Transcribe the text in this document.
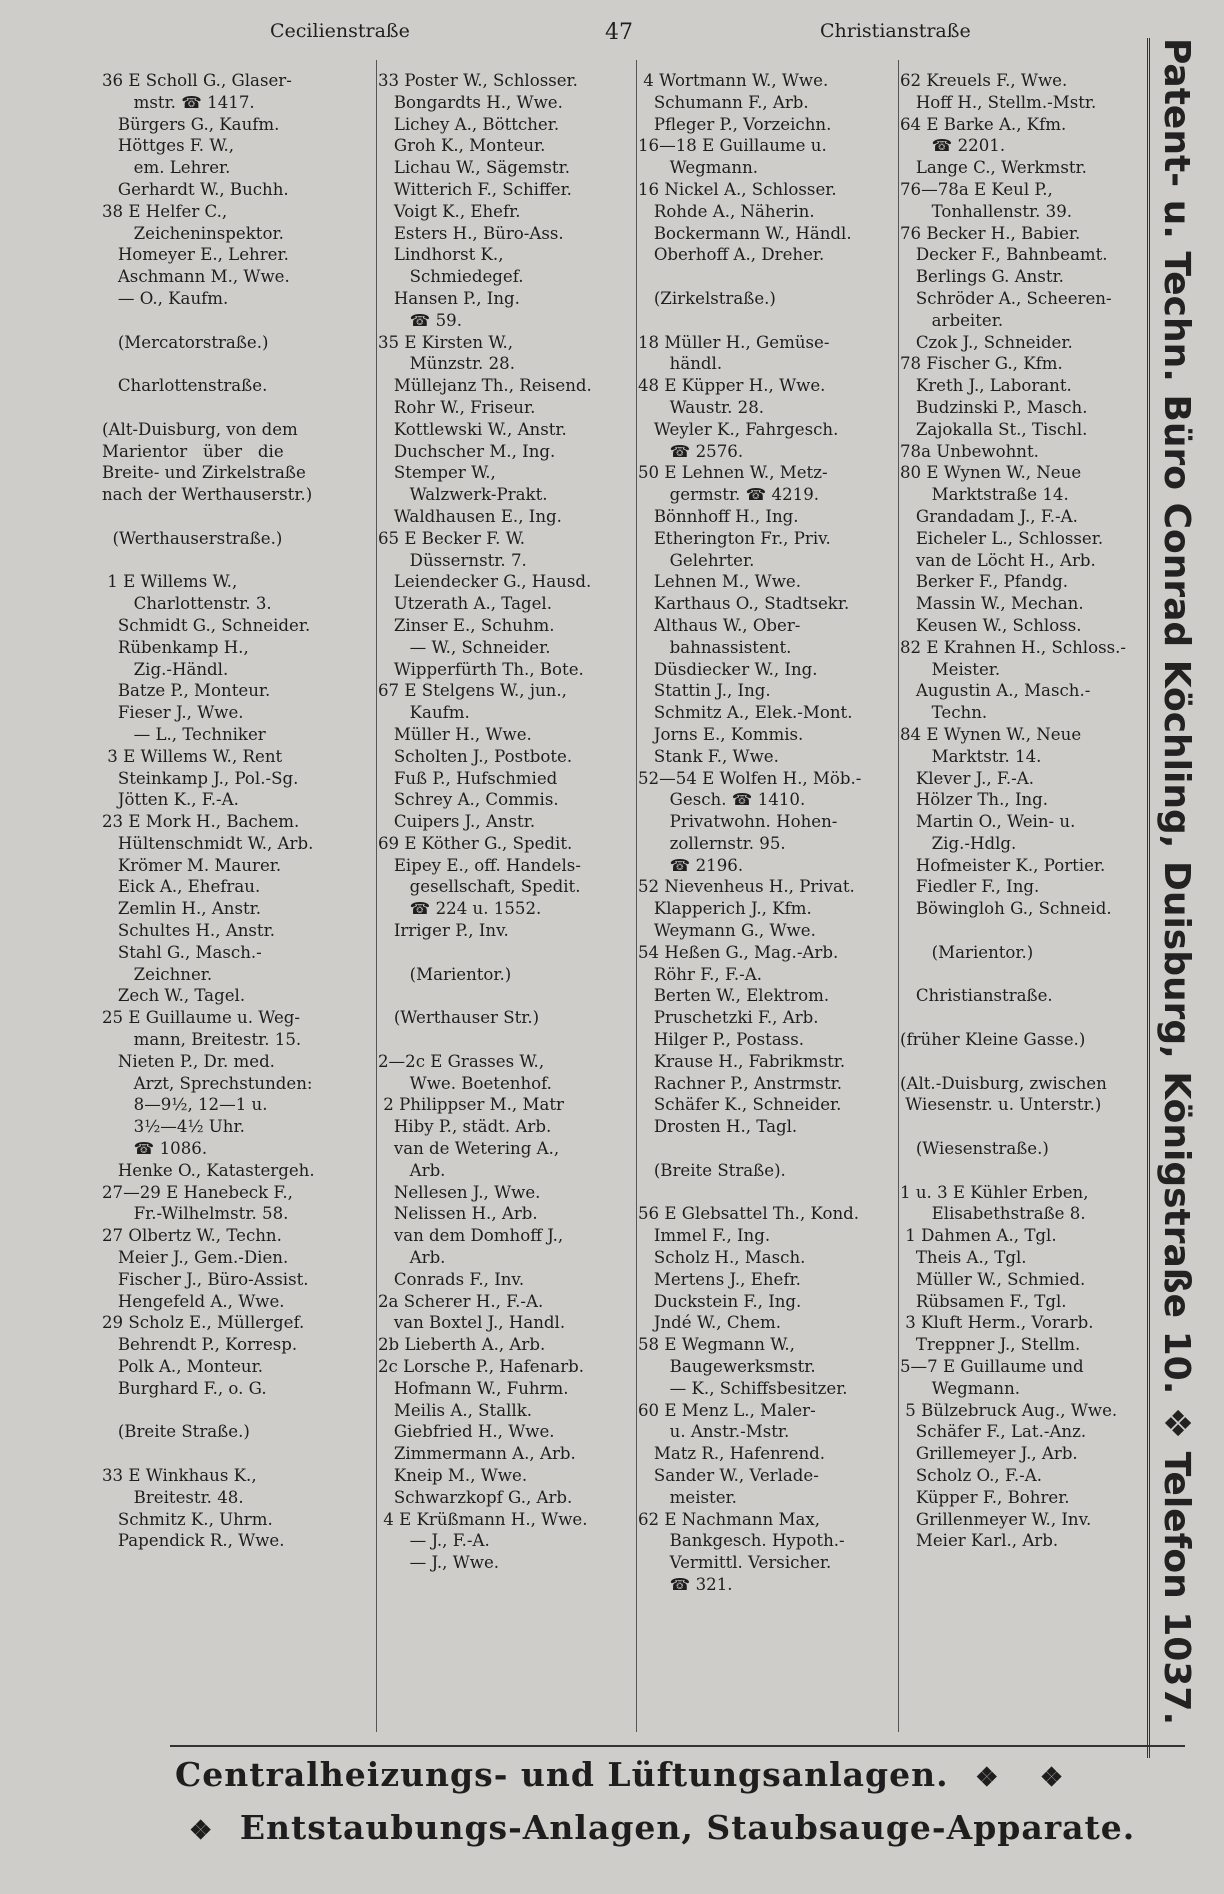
Cecilienstraße	47	Christianstraße
36 E Scholl G., Glaser-
mstr. ☎ 1417.
Bürgers G., Kaufm.
Höttges F. W.,
em. Lehrer.
Gerhardt W., Buchh.
38 E Helfer C.,
Zeicheninspektor.
Homeyer E., Lehrer.
Aschmann M., Wwe.
— O., Kaufm.
(Mercatorstraße.)
Charlottenstraße.
(Alt-Duisburg, von dem
Marientor   über   die
Breite- und Zirkelstraße
nach der Werthauserstr.)
(Werthauserstraße.)
1 E Willems W.,
Charlottenstr. 3.
Schmidt G., Schneider.
Rübenkamp H.,
Zig.-Händl.
Batze P., Monteur.
Fieser J., Wwe.
— L., Techniker
3 E Willems W., Rent
Steinkamp J., Pol.-Sg.
Jötten K., F.-A.
23 E Mork H., Bachem.
Hültenschmidt W., Arb.
Krömer M. Maurer.
Eick A., Ehefrau.
Zemlin H., Anstr.
Schultes H., Anstr.
Stahl G., Masch.-
Zeichner.
Zech W., Tagel.
25 E Guillaume u. Weg-
mann, Breitestr. 15.
Nieten P., Dr. med.
Arzt, Sprechstunden:
8—9½, 12—1 u.
3½—4½ Uhr.
☎ 1086.
Henke O., Katastergeh.
27—29 E Hanebeck F.,
Fr.-Wilhelmstr. 58.
27 Olbertz W., Techn.
Meier J., Gem.-Dien.
Fischer J., Büro-Assist.
Hengefeld A., Wwe.
29 Scholz E., Müllergef.
Behrendt P., Korresp.
Polk A., Monteur.
Burghard F., o. G.
(Breite Straße.)
33 E Winkhaus K.,
Breitestr. 48.
Schmitz K., Uhrm.
Papendick R., Wwe.
33 Poster W., Schlosser.
Bongardts H., Wwe.
Lichey A., Böttcher.
Groh K., Monteur.
Lichau W., Sägemstr.
Witterich F., Schiffer.
Voigt K., Ehefr.
Esters H., Büro-Ass.
Lindhorst K.,
Schmiedegef.
Hansen P., Ing.
☎ 59.
35 E Kirsten W.,
Münzstr. 28.
Müllejanz Th., Reisend.
Rohr W., Friseur.
Kottlewski W., Anstr.
Duchscher M., Ing.
Stemper W.,
Walzwerk-Prakt.
Waldhausen E., Ing.
65 E Becker F. W.
Düssernstr. 7.
Leiendecker G., Hausd.
Utzerath A., Tagel.
Zinser E., Schuhm.
— W., Schneider.
Wipperfürth Th., Bote.
67 E Stelgens W., jun.,
Kaufm.
Müller H., Wwe.
Scholten J., Postbote.
Fuß P., Hufschmied
Schrey A., Commis.
Cuipers J., Anstr.
69 E Köther G., Spedit.
Eipey E., off. Handels-
gesellschaft, Spedit.
☎ 224 u. 1552.
Irriger P., Inv.
(Marientor.)
(Werthauser Str.)
2—2c E Grasses W.,
Wwe. Boetenhof.
2 Philippser M., Matr
Hiby P., städt. Arb.
van de Wetering A.,
Arb.
Nellesen J., Wwe.
Nelissen H., Arb.
van dem Domhoff J.,
Arb.
Conrads F., Inv.
2a Scherer H., F.-A.
van Boxtel J., Handl.
2b Lieberth A., Arb.
2c Lorsche P., Hafenarb.
Hofmann W., Fuhrm.
Meilis A., Stallk.
Giebfried H., Wwe.
Zimmermann A., Arb.
Kneip M., Wwe.
Schwarzkopf G., Arb.
4 E Krüßmann H., Wwe.
— J., F.-A.
— J., Wwe.
4 Wortmann W., Wwe.
Schumann F., Arb.
Pfleger P., Vorzeichn.
16—18 E Guillaume u.
Wegmann.
16 Nickel A., Schlosser.
Rohde A., Näherin.
Bockermann W., Händl.
Oberhoff A., Dreher.
(Zirkelstraße.)
18 Müller H., Gemüse-
händl.
48 E Küpper H., Wwe.
Waustr. 28.
Weyler K., Fahrgesch.
☎ 2576.
50 E Lehnen W., Metz-
germstr. ☎ 4219.
Bönnhoff H., Ing.
Etherington Fr., Priv.
Gelehrter.
Lehnen M., Wwe.
Karthaus O., Stadtsekr.
Althaus W., Ober-
bahnassistent.
Düsdiecker W., Ing.
Stattin J., Ing.
Schmitz A., Elek.-Mont.
Jorns E., Kommis.
Stank F., Wwe.
52—54 E Wolfen H., Möb.-
Gesch. ☎ 1410.
Privatwohn. Hohen-
zollernstr. 95.
☎ 2196.
52 Nievenheus H., Privat.
Klapperich J., Kfm.
Weymann G., Wwe.
54 Heßen G., Mag.-Arb.
Röhr F., F.-A.
Berten W., Elektrom.
Pruschetzki F., Arb.
Hilger P., Postass.
Krause H., Fabrikmstr.
Rachner P., Anstrmstr.
Schäfer K., Schneider.
Drosten H., Tagl.
(Breite Straße).
56 E Glebsattel Th., Kond.
Immel F., Ing.
Scholz H., Masch.
Mertens J., Ehefr.
Duckstein F., Ing.
Jndé W., Chem.
58 E Wegmann W.,
Baugewerksmstr.
— K., Schiffsbesitzer.
60 E Menz L., Maler-
u. Anstr.-Mstr.
Matz R., Hafenrend.
Sander W., Verlade-
meister.
62 E Nachmann Max,
Bankgesch. Hypoth.-
Vermittl. Versicher.
☎ 321.
62 Kreuels F., Wwe.
Hoff H., Stellm.-Mstr.
64 E Barke A., Kfm.
☎ 2201.
Lange C., Werkmstr.
76—78a E Keul P.,
Tonhallenstr. 39.
76 Becker H., Babier.
Decker F., Bahnbeamt.
Berlings G. Anstr.
Schröder A., Scheeren-
arbeiter.
Czok J., Schneider.
78 Fischer G., Kfm.
Kreth J., Laborant.
Budzinski P., Masch.
Zajokalla St., Tischl.
78a Unbewohnt.
80 E Wynen W., Neue
Marktstraße 14.
Grandadam J., F.-A.
Eicheler L., Schlosser.
van de Löcht H., Arb.
Berker F., Pfandg.
Massin W., Mechan.
Keusen W., Schloss.
82 E Krahnen H., Schloss.-
Meister.
Augustin A., Masch.-
Techn.
84 E Wynen W., Neue
Marktstr. 14.
Klever J., F.-A.
Hölzer Th., Ing.
Martin O., Wein- u.
Zig.-Hdlg.
Hofmeister K., Portier.
Fiedler F., Ing.
Böwingloh G., Schneid.
(Marientor.)
Christianstraße.
(früher Kleine Gasse.)
(Alt.-Duisburg, zwischen
Wiesenstr. u. Unterstr.)
(Wiesenstraße.)
1 u. 3 E Kühler Erben,
Elisabethstraße 8.
1 Dahmen A., Tgl.
Theis A., Tgl.
Müller W., Schmied.
Rübsamen F., Tgl.
3 Kluft Herm., Vorarb.
Treppner J., Stellm.
5—7 E Guillaume und
Wegmann.
5 Bülzebruck Aug., Wwe.
Schäfer F., Lat.-Anz.
Grillemeyer J., Arb.
Scholz O., F.-A.
Küpper F., Bohrer.
Grillenmeyer W., Inv.
Meier Karl., Arb.	Patent- u. Techn. Büro Conrad Köchling, Duisburg, Königstraße 10. ❖ Telefon 1037.
Centralheizungs- und Lüftungsanlagen. ❖ ❖
❖ Entstaubungs-Anlagen, Staubsauge-Apparate.
